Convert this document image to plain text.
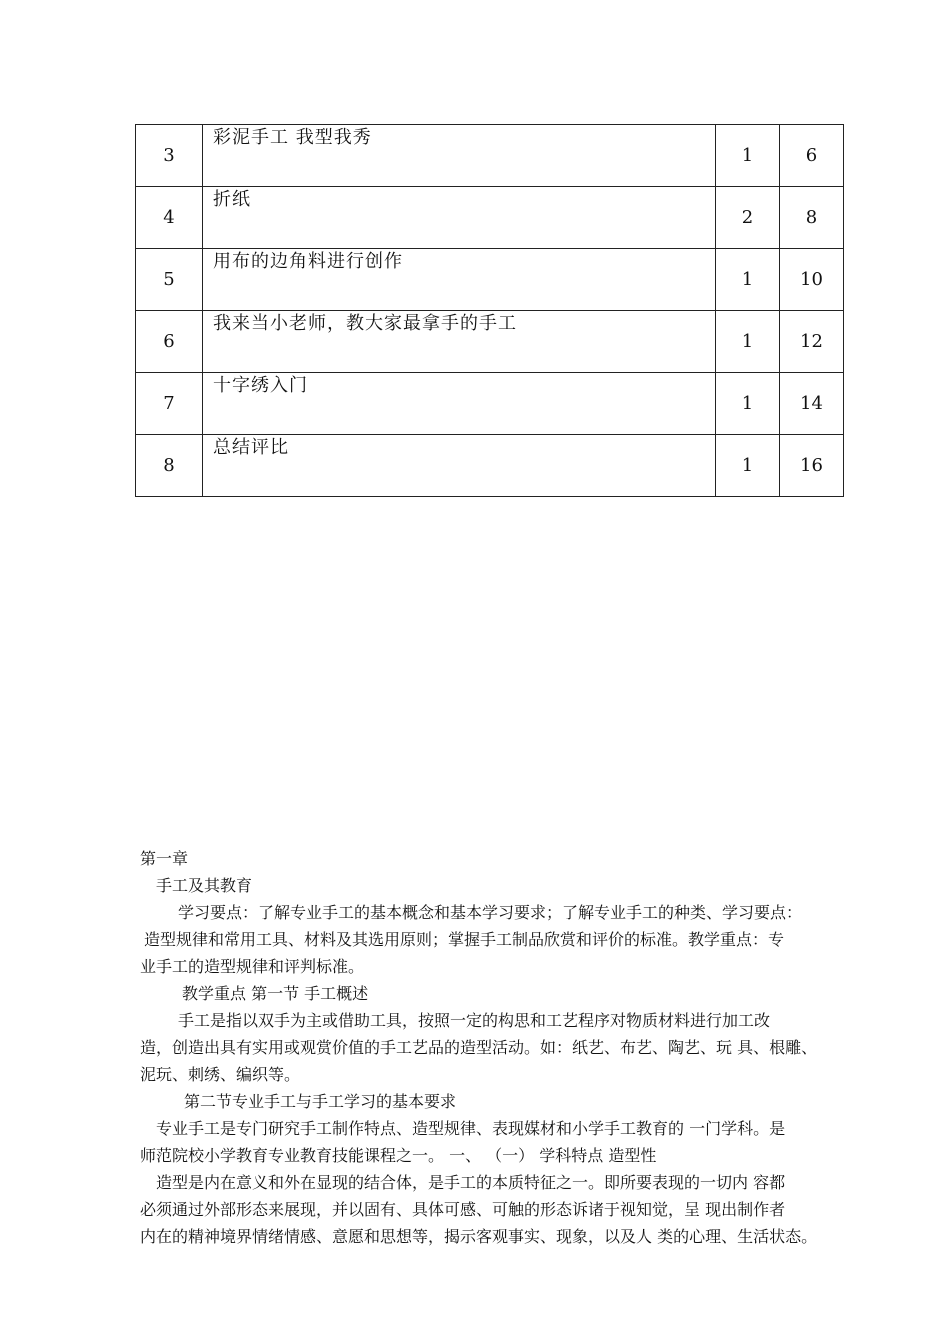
3	彩泥手工 我型我秀	1	6
4	折纸	2	8
5	用布的边角料进行创作	1	10
6	我来当小老师，教大家最拿手的手工	1	12
7	十字绣入门	1	14
8	总结评比	1	16

第一章

手工及其教育

学习要点：了解专业手工的基本概念和基本学习要求；了解专业手工的种类、学习要点：

造型规律和常用工具、材料及其选用原则；掌握手工制品欣赏和评价的标准。教学重点：专

业手工的造型规律和评判标准。

教学重点 第一节 手工概述

手工是指以双手为主或借助工具，按照一定的构思和工艺程序对物质材料进行加工改

造，创造出具有实用或观赏价值的手工艺品的造型活动。如：纸艺、布艺、陶艺、玩 具、根雕、

泥玩、刺绣、编织等。

第二节专业手工与手工学习的基本要求

专业手工是专门研究手工制作特点、造型规律、表现媒材和小学手工教育的 一门学科。是

师范院校小学教育专业教育技能课程之一。 一、 （一） 学科特点 造型性

造型是内在意义和外在显现的结合体，是手工的本质特征之一。即所要表现的一切内 容都

必须通过外部形态来展现，并以固有、具体可感、可触的形态诉诸于视知觉，呈 现出制作者

内在的精神境界情绪情感、意愿和思想等，揭示客观事实、现象，以及人 类的心理、生活状态。
